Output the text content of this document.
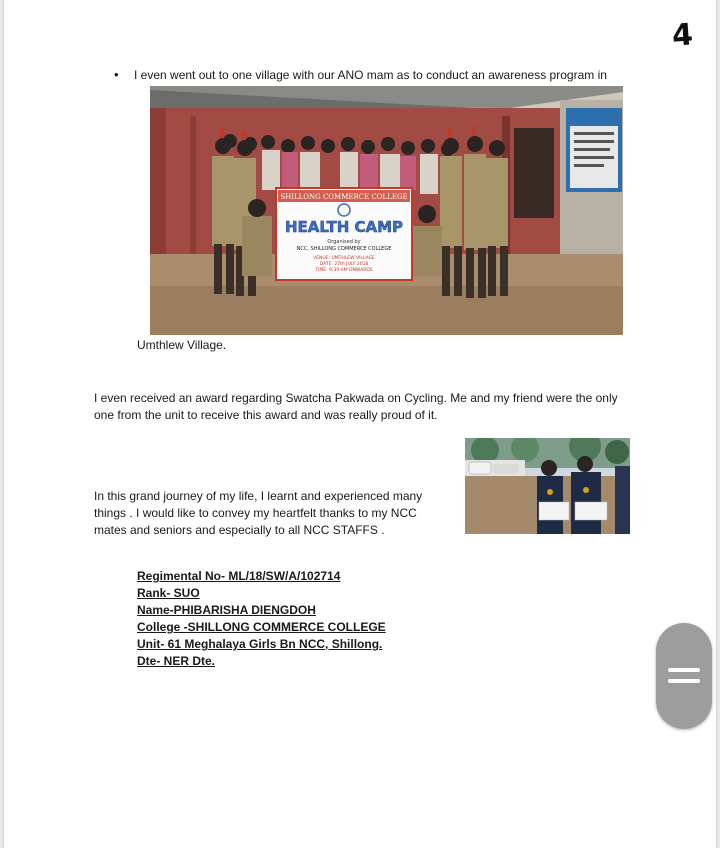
4
• I even went out to one village with our ANO mam as to conduct an awareness program in
SHILLONG COMMERCE COLLEGE
HEALTH CAMP
Organised by
NCC, SHILLONG COMMERCE COLLEGE
VENUE: UMTHLEW VILLAGE
DATE: 27th JULY 2018
TIME: 9:30 AM ONWARDS
Umthlew Village.
I even received an award regarding Swatcha Pakwada on Cycling. Me and my friend were the only
one from the unit to receive this award and was really proud of it.
In this grand journey of my life, I learnt and experienced many
things . I would like to convey my heartfelt thanks to my NCC
mates and seniors and especially to all NCC STAFFS .
Regimental No- ML/18/SW/A/102714
Rank- SUO
Name-PHIBARISHA DIENGDOH
College -SHILLONG COMMERCE COLLEGE
Unit- 61 Meghalaya Girls Bn NCC, Shillong.
Dte- NER Dte.
